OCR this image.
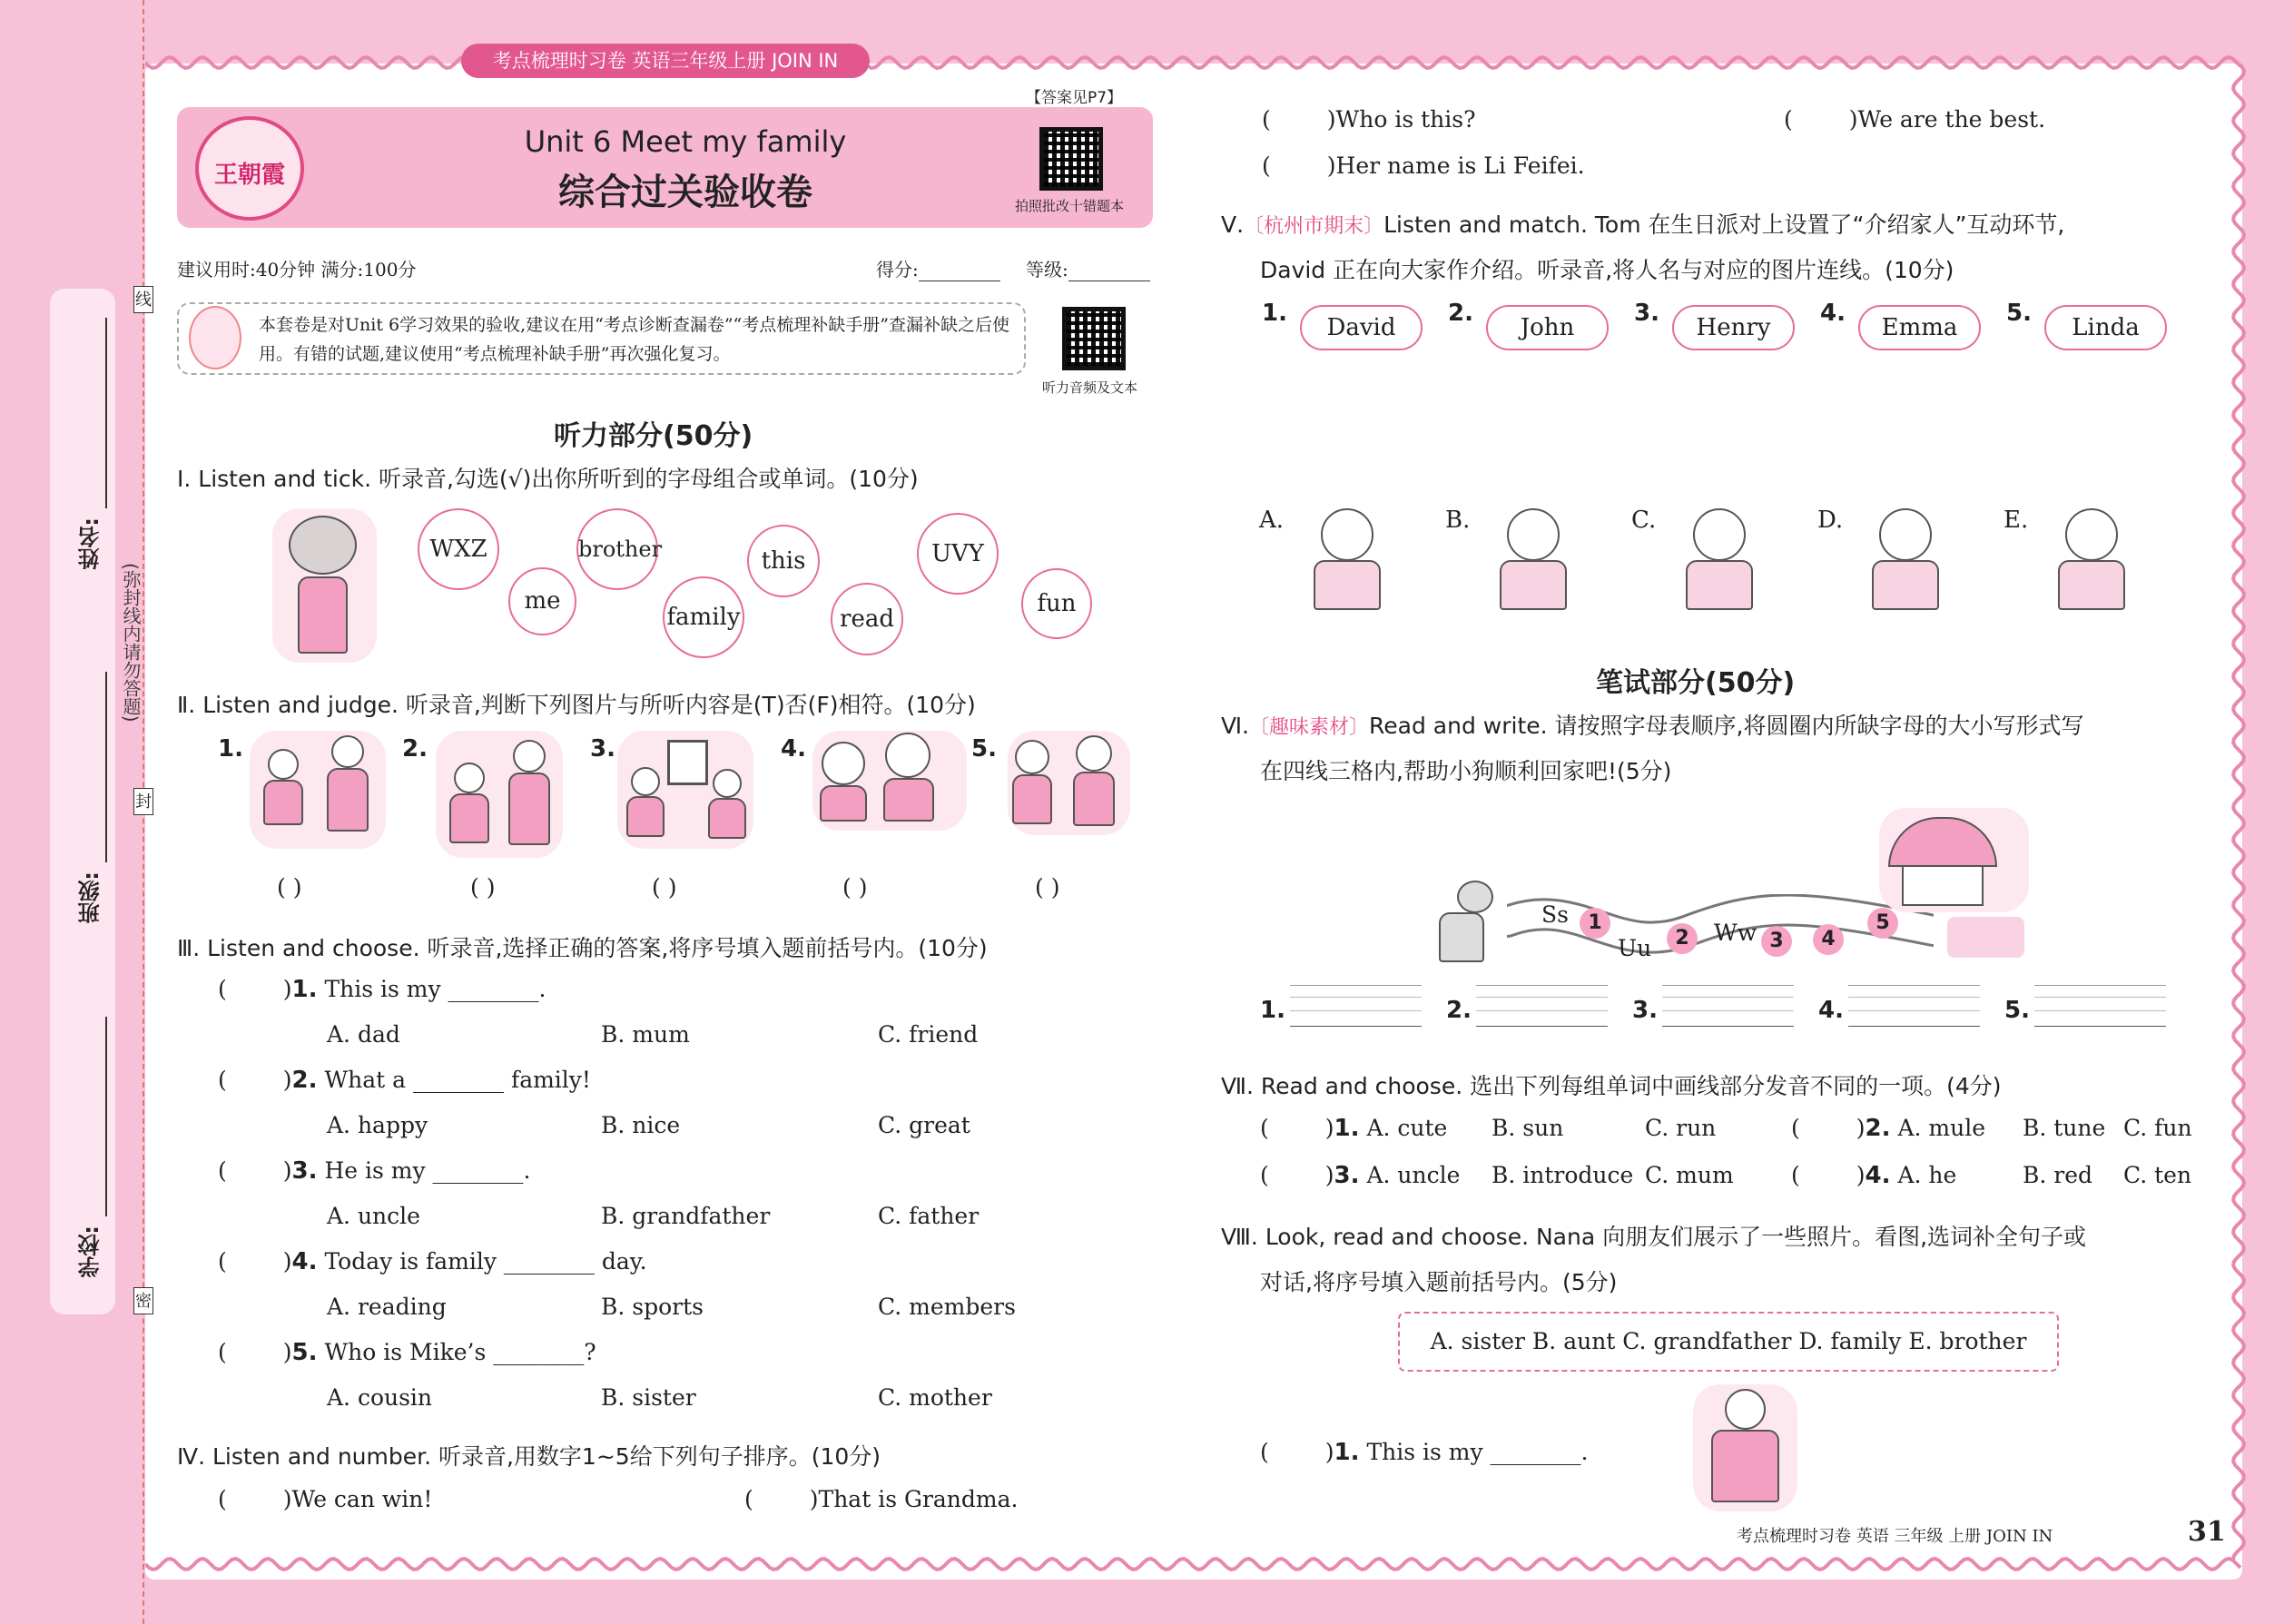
姓名:
班级:
学校:
(弥封线内请勿答题)
线
封
密
考点梳理时习卷 英语三年级上册 JOIN IN
【答案见P7】
王朝霞
Unit 6 Meet my family
综合过关验收卷	拍照批改十错题本
建议用时:40分钟 满分:100分	得分:	等级:
本套卷是对Unit 6学习效果的验收,建议在用“考点诊断查漏卷”“考点梳理补缺手册”查漏补缺之后使用。有错的试题,建议使用“考点梳理补缺手册”再次强化复习。
听力音频及文本
听力部分(50分)
Ⅰ. Listen and tick. 听录音,勾选(√)出你所听到的字母组合或单词。(10分)
WXZ	brother	this	UVY
me
family	read
fun
Ⅱ. Listen and judge. 听录音,判断下列图片与所听内容是(T)否(F)相符。(10分)
1.	2.	3.	4.	5.
( )	( )	( )	( )	( )
Ⅲ. Listen and choose. 听录音,选择正确的答案,将序号填入题前括号内。(10分)
( )1. This is my ________.
A. dad	B. mum	C. friend
( )2. What a ________ family!
A. happy	B. nice	C. great
( )3. He is my ________.
A. uncle	B. grandfather	C. father
( )4. Today is family ________ day.
A. reading	B. sports	C. members
( )5. Who is Mike’s ________?
A. cousin	B. sister	C. mother
Ⅳ. Listen and number. 听录音,用数字1~5给下列句子排序。(10分)
( )We can win!	( )That is Grandma.
( )Who is this?	( )We are the best.
( )Her name is Li Feifei.
Ⅴ.〔杭州市期末〕Listen and match. Tom 在生日派对上设置了“介绍家人”互动环节,
David 正在向大家作介绍。听录音,将人名与对应的图片连线。(10分)
1.
David
2.
John
3.
Henry
4.
Emma
5.
Linda
A.	B.	C.	D.	E.
笔试部分(50分)
Ⅵ.〔趣味素材〕Read and write. 请按照字母表顺序,将圆圈内所缺字母的大小写形式写
在四线三格内,帮助小狗顺利回家吧!(5分)
Ss
Uu
Ww
1
2	3	4
5
1.	2.	3.	4.	5.
Ⅶ. Read and choose. 选出下列每组单词中画线部分发音不同的一项。(4分)
( )1. A. cute B. sun	C. run	( )2. A. mule B. tune C. fun
( )3. A. uncle B. introduce C. mum	( )4. A. he	B. red C. ten
Ⅷ. Look, read and choose. Nana 向朋友们展示了一些照片。看图,选词补全句子或
对话,将序号填入题前括号内。(5分)
A. sister B. aunt C. grandfather D. family E. brother
( )1. This is my ________.
考点梳理时习卷 英语 三年级 上册 JOIN IN	31
